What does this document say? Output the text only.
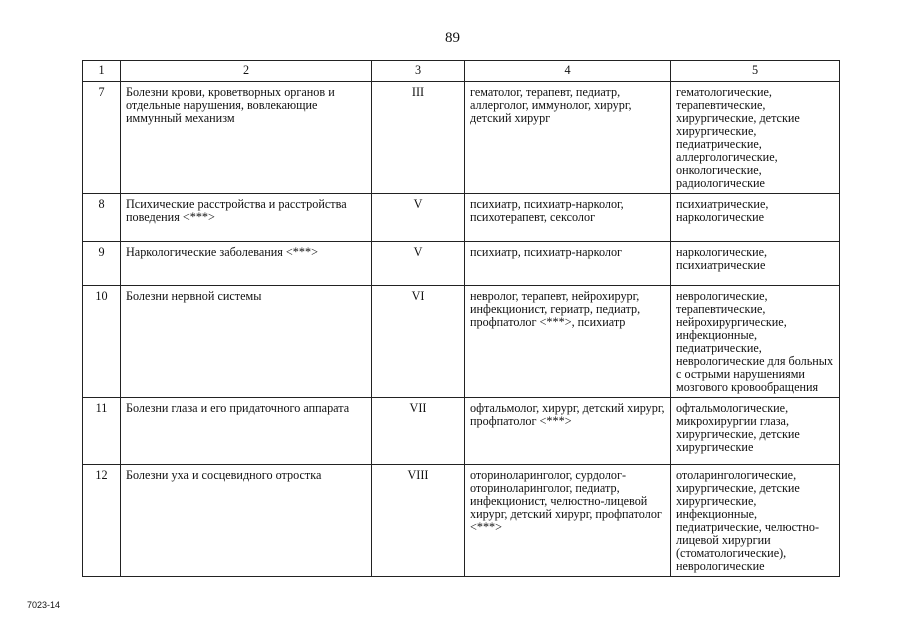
89
1	2	3	4	5
7	Болезни крови, кроветворных органов и отдельные нарушения, вовлекающие иммунный механизм	III	гематолог, терапевт, педиатр, аллерголог, иммунолог, хирург, детский хирург	гематологические, терапевтические, хирургические, детские хирургические, педиатрические, аллергологические, онкологические, радиологические
8	Психические расстройства и расстройства поведения <***>	V	психиатр, психиатр-нарколог, психотерапевт, сексолог	психиатрические, наркологические
9	Наркологические заболевания <***>	V	психиатр, психиатр-нарколог	наркологические, психиатрические
10	Болезни нервной системы	VI	невролог, терапевт, нейрохирург, инфекционист, гериатр, педиатр, профпатолог <***>, психиатр	неврологические, терапевтические, нейрохирургические, инфекционные, педиатрические, неврологические для больных с острыми нарушениями мозгового кровообращения
11	Болезни глаза и его придаточного аппарата	VII	офтальмолог, хирург, детский хирург, профпатолог <***>	офтальмологические, микрохирургии глаза, хирургические, детские хирургические
12	Болезни уха и сосцевидного отростка	VIII	оториноларинголог, сурдолог-оториноларинголог, педиатр, инфекционист, челюстно-лицевой хирург, детский хирург, профпатолог <***>	отоларингологические, хирургические, детские хирургические, инфекционные, педиатрические, челюстно-лицевой хирургии (стоматологические), неврологические
7023-14
